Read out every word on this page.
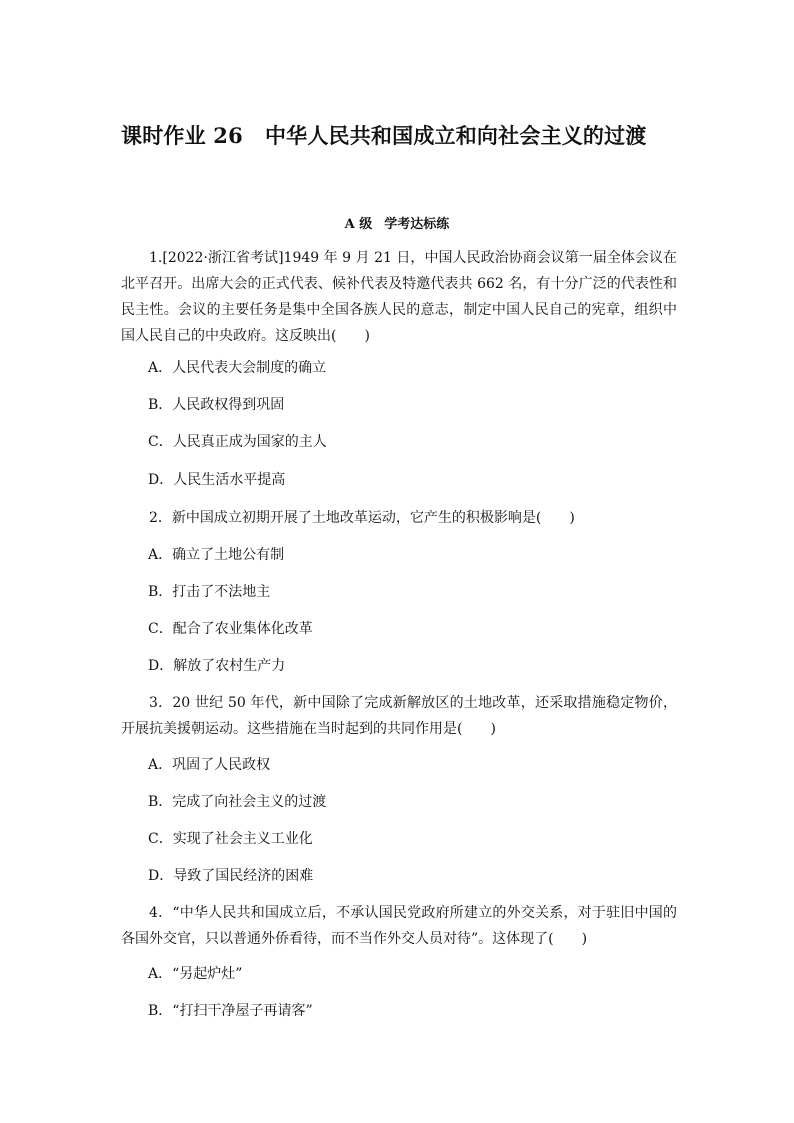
课时作业 26 中华人民共和国成立和向社会主义的过渡
A 级 学考达标练
1.[2022·浙江省考试]1949 年 9 月 21 日，中国人民政治协商会议第一届全体会议在北平召开。出席大会的正式代表、候补代表及特邀代表共 662 名，有十分广泛的代表性和民主性。会议的主要任务是集中全国各族人民的意志，制定中国人民自己的宪章，组织中国人民自己的中央政府。这反映出(　　)
A．人民代表大会制度的确立
B．人民政权得到巩固
C．人民真正成为国家的主人
D．人民生活水平提高
2．新中国成立初期开展了土地改革运动，它产生的积极影响是(　　)
A．确立了土地公有制
B．打击了不法地主
C．配合了农业集体化改革
D．解放了农村生产力
3．20 世纪 50 年代，新中国除了完成新解放区的土地改革，还采取措施稳定物价，开展抗美援朝运动。这些措施在当时起到的共同作用是(　　)
A．巩固了人民政权
B．完成了向社会主义的过渡
C．实现了社会主义工业化
D．导致了国民经济的困难
4．“中华人民共和国成立后，不承认国民党政府所建立的外交关系，对于驻旧中国的各国外交官，只以普通外侨看待，而不当作外交人员对待”。这体现了(　　)
A．“另起炉灶”
B．“打扫干净屋子再请客”
